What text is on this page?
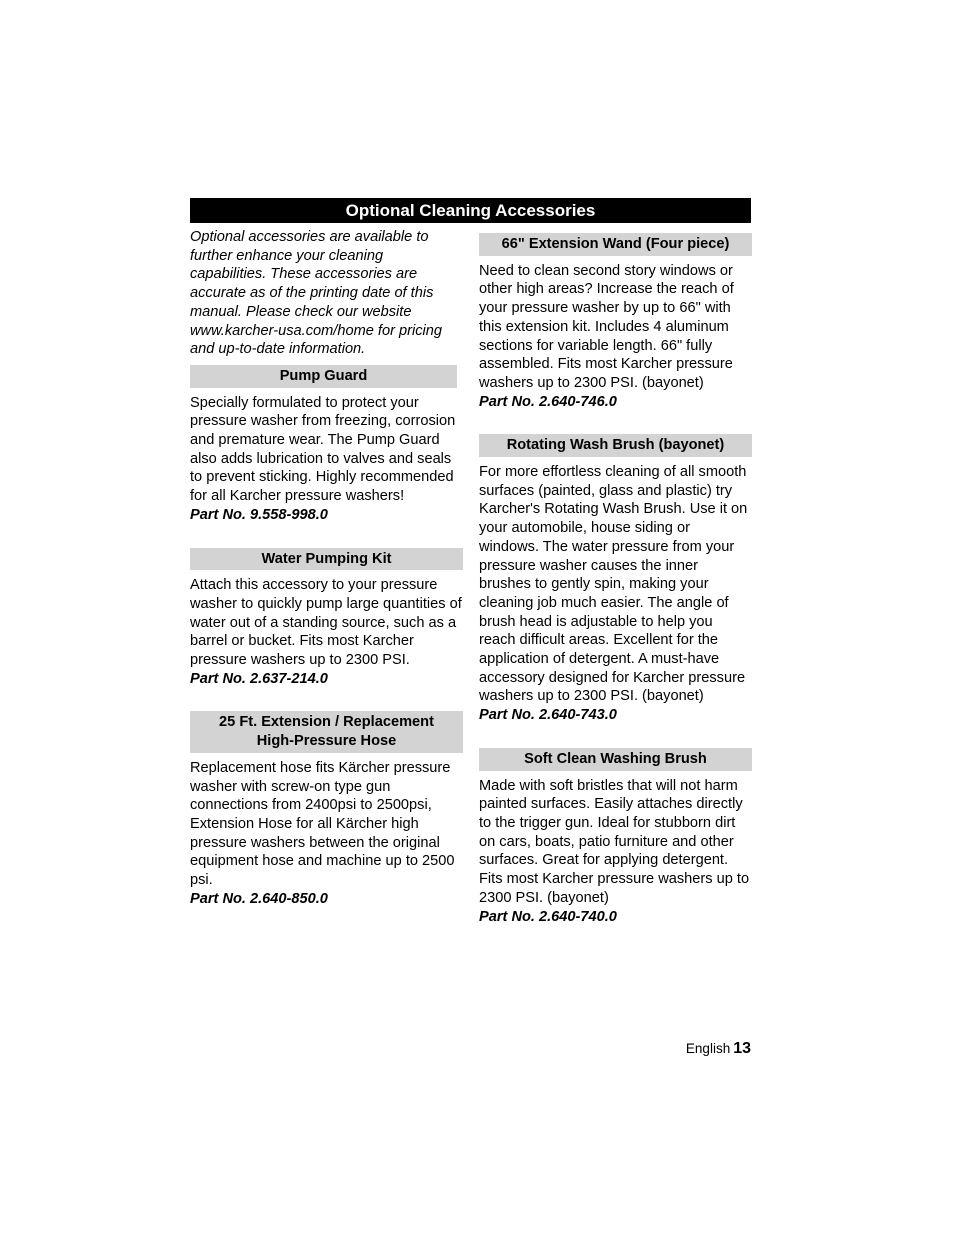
Optional Cleaning Accessories

Optional accessories are available to further enhance your cleaning capabilities. These accessories are accurate as of the printing date of this manual. Please check our website www.karcher-usa.com/home for pricing and up-to-date information.

Pump Guard

Specially formulated to protect your pressure washer from freezing, corrosion and premature wear. The Pump Guard also adds lubrication to valves and seals to prevent sticking. Highly recommended for all Karcher pressure washers!

Part No. 9.558-998.0

Water Pumping Kit

Attach this accessory to your pressure washer to quickly pump large quantities of water out of a standing source, such as a barrel or bucket. Fits most Karcher pressure washers up to 2300 PSI.

Part No. 2.637-214.0

25 Ft. Extension / Replacement High-Pressure Hose

Replacement hose fits Kärcher pressure washer with screw-on type gun connections from 2400psi to 2500psi, Extension Hose for all Kärcher high pressure washers between the original equipment hose and machine up to 2500 psi.

Part No. 2.640-850.0

66" Extension Wand (Four piece)

Need to clean second story windows or other high areas? Increase the reach of your pressure washer by up to 66" with this extension kit. Includes 4 aluminum sections for variable length. 66" fully assembled. Fits most Karcher pressure washers up to 2300 PSI. (bayonet)

Part No. 2.640-746.0

Rotating Wash Brush (bayonet)

For more effortless cleaning of all smooth surfaces (painted, glass and plastic) try Karcher's Rotating Wash Brush. Use it on your automobile, house siding or windows. The water pressure from your pressure washer causes the inner brushes to gently spin, making your cleaning job much easier. The angle of brush head is adjustable to help you reach difficult areas. Excellent for the application of detergent. A must-have accessory designed for Karcher pressure washers up to 2300 PSI. (bayonet)

Part No. 2.640-743.0

Soft Clean Washing Brush

Made with soft bristles that will not harm painted surfaces. Easily attaches directly to the trigger gun. Ideal for stubborn dirt on cars, boats, patio furniture and other surfaces. Great for applying detergent. Fits most Karcher pressure washers up to 2300 PSI. (bayonet)

Part No. 2.640-740.0

English 13
